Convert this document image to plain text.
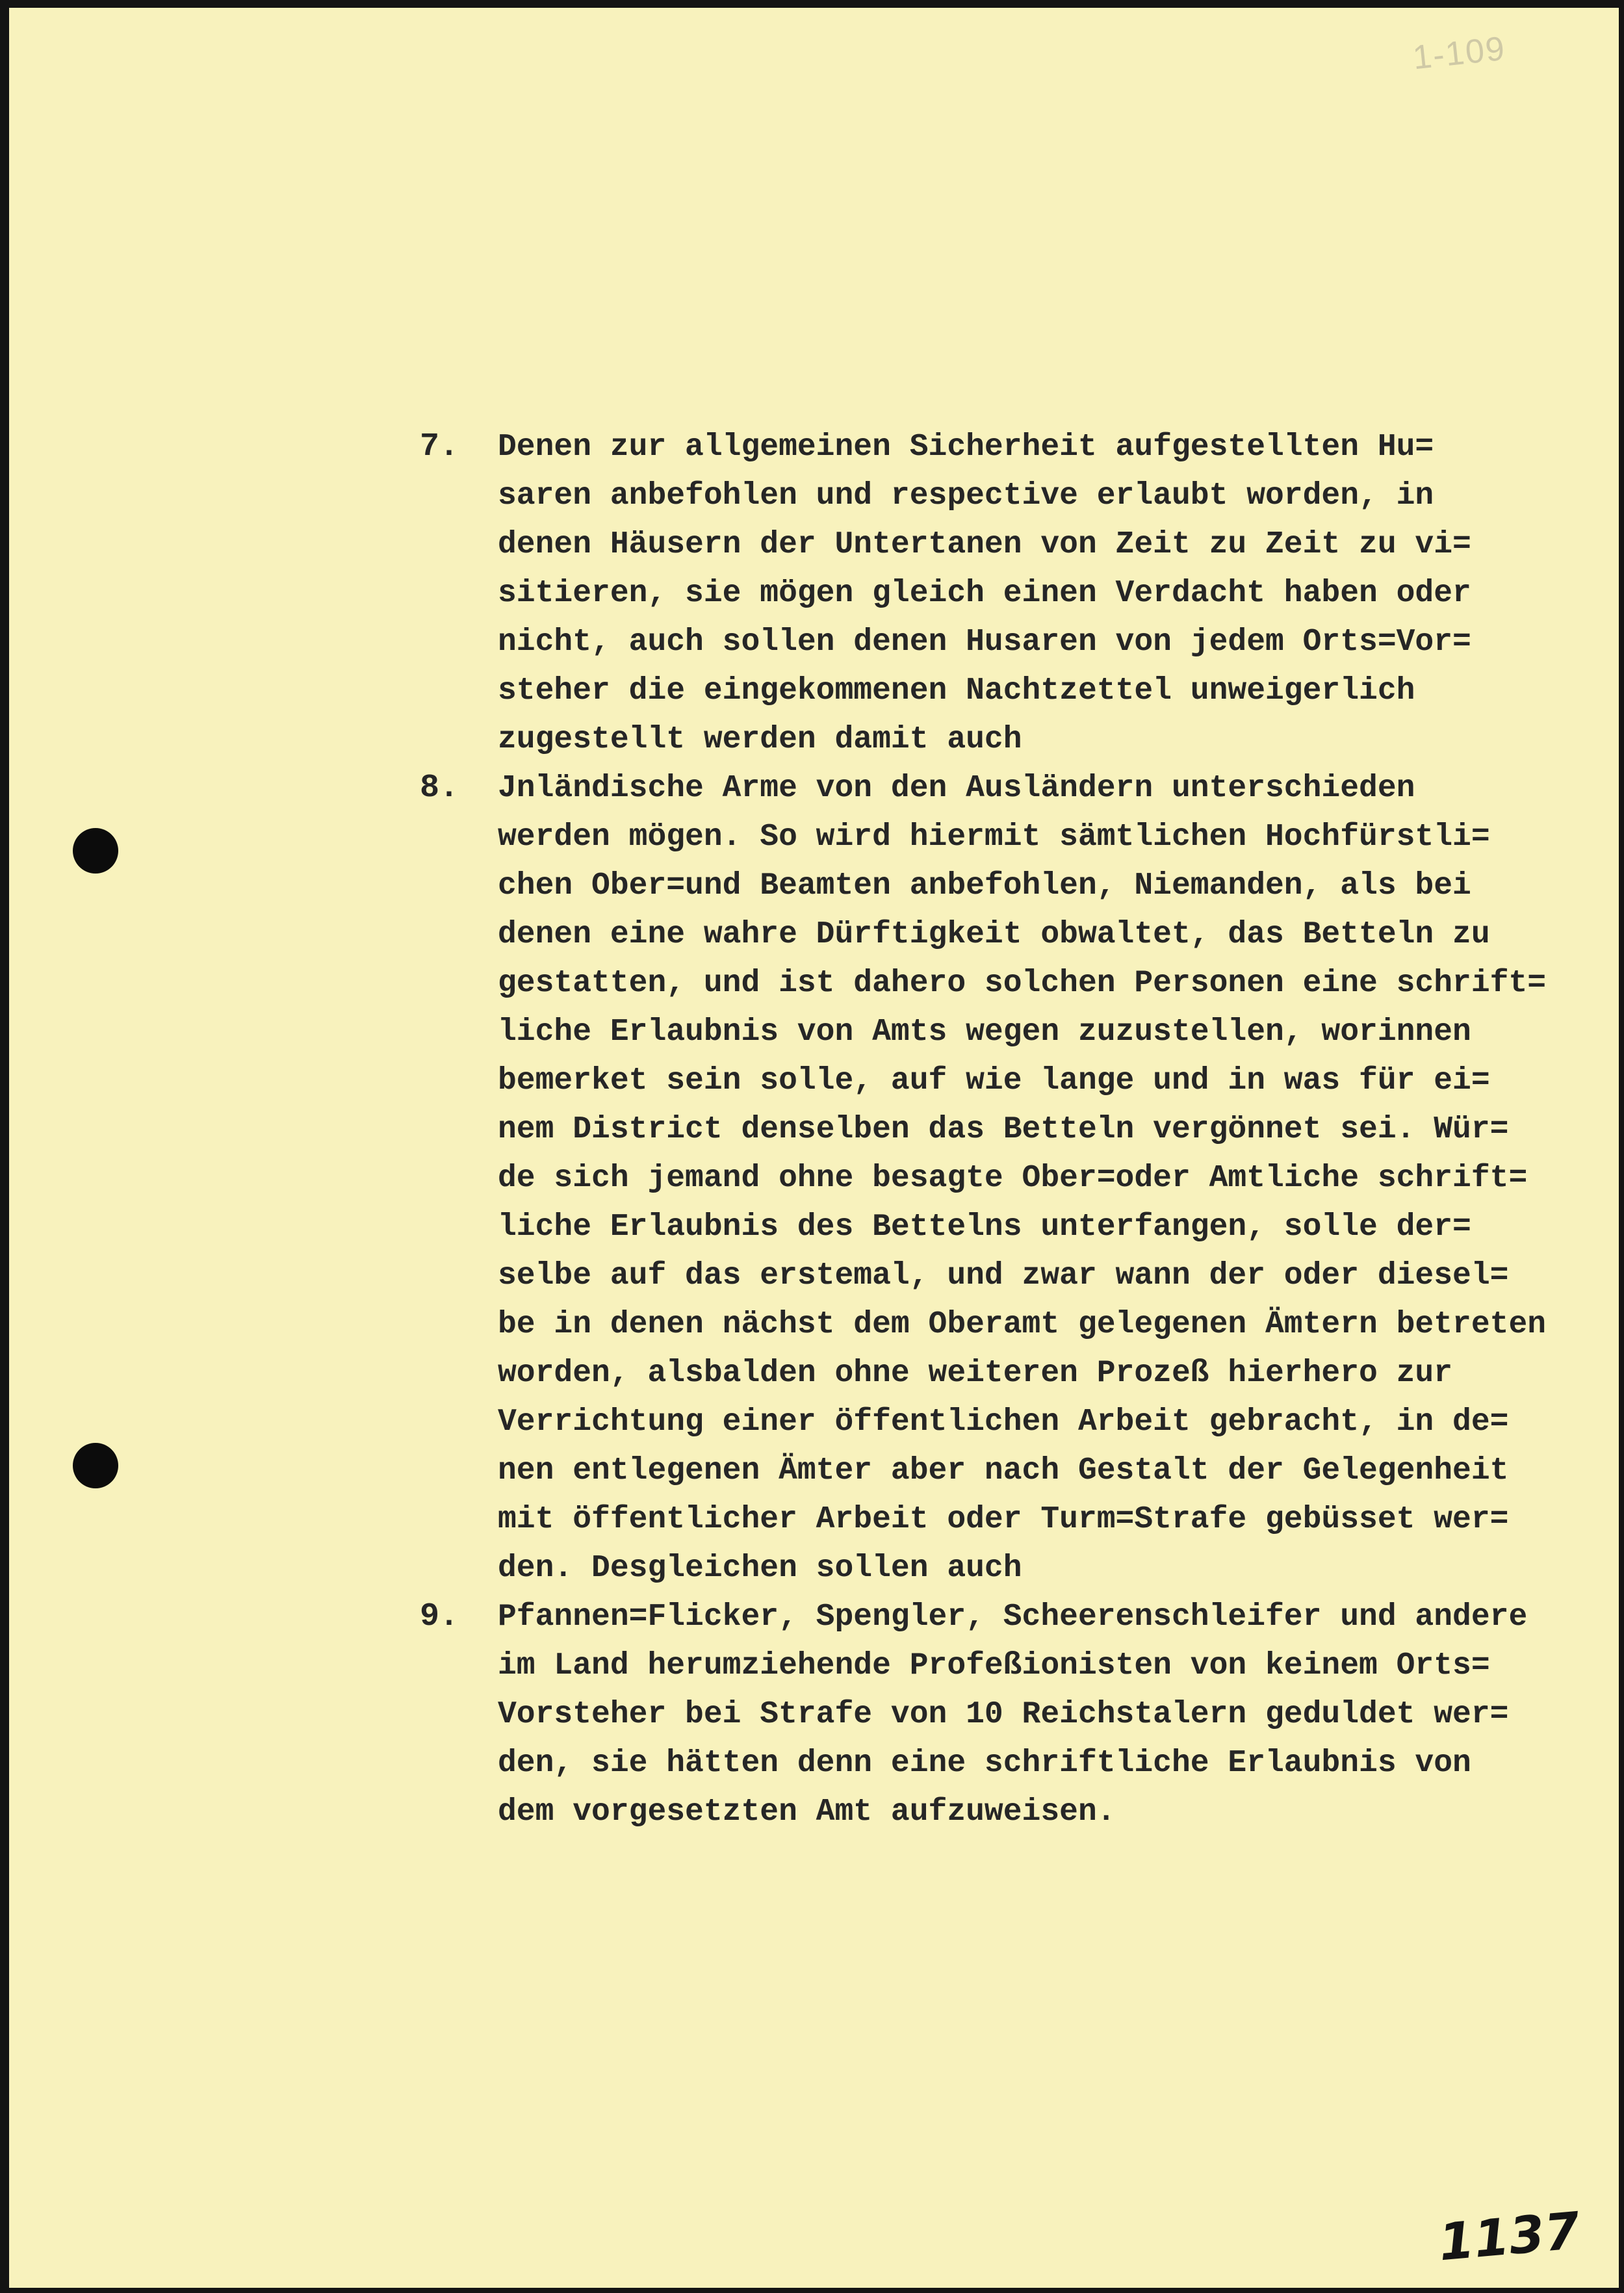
1-109
7. Denen zur allgemeinen Sicherheit aufgestellten Hu=
saren anbefohlen und respective erlaubt worden, in
denen Häusern der Untertanen von Zeit zu Zeit zu vi=
sitieren, sie mögen gleich einen Verdacht haben oder
nicht, auch sollen denen Husaren von jedem Orts=Vor=
steher die eingekommenen Nachtzettel unweigerlich
zugestellt werden damit auch
8. Jnländische Arme von den Ausländern unterschieden
werden mögen. So wird hiermit sämtlichen Hochfürstli=
chen Ober=und Beamten anbefohlen, Niemanden, als bei
denen eine wahre Dürftigkeit obwaltet, das Betteln zu
gestatten, und ist dahero solchen Personen eine schrift=
liche Erlaubnis von Amts wegen zuzustellen, worinnen
bemerket sein solle, auf wie lange und in was für ei=
nem District denselben das Betteln vergönnet sei. Wür=
de sich jemand ohne besagte Ober=oder Amtliche schrift=
liche Erlaubnis des Bettelns unterfangen, solle der=
selbe auf das erstemal, und zwar wann der oder diesel=
be in denen nächst dem Oberamt gelegenen Ämtern betreten
worden, alsbalden ohne weiteren Prozeß hierhero zur
Verrichtung einer öffentlichen Arbeit gebracht, in de=
nen entlegenen Ämter aber nach Gestalt der Gelegenheit
mit öffentlicher Arbeit oder Turm=Strafe gebüsset wer=
den. Desgleichen sollen auch
9. Pfannen=Flicker, Spengler, Scheerenschleifer und andere
im Land herumziehende Profeßionisten von keinem Orts=
Vorsteher bei Strafe von 10 Reichstalern geduldet wer=
den, sie hätten denn eine schriftliche Erlaubnis von
dem vorgesetzten Amt aufzuweisen.
1137
